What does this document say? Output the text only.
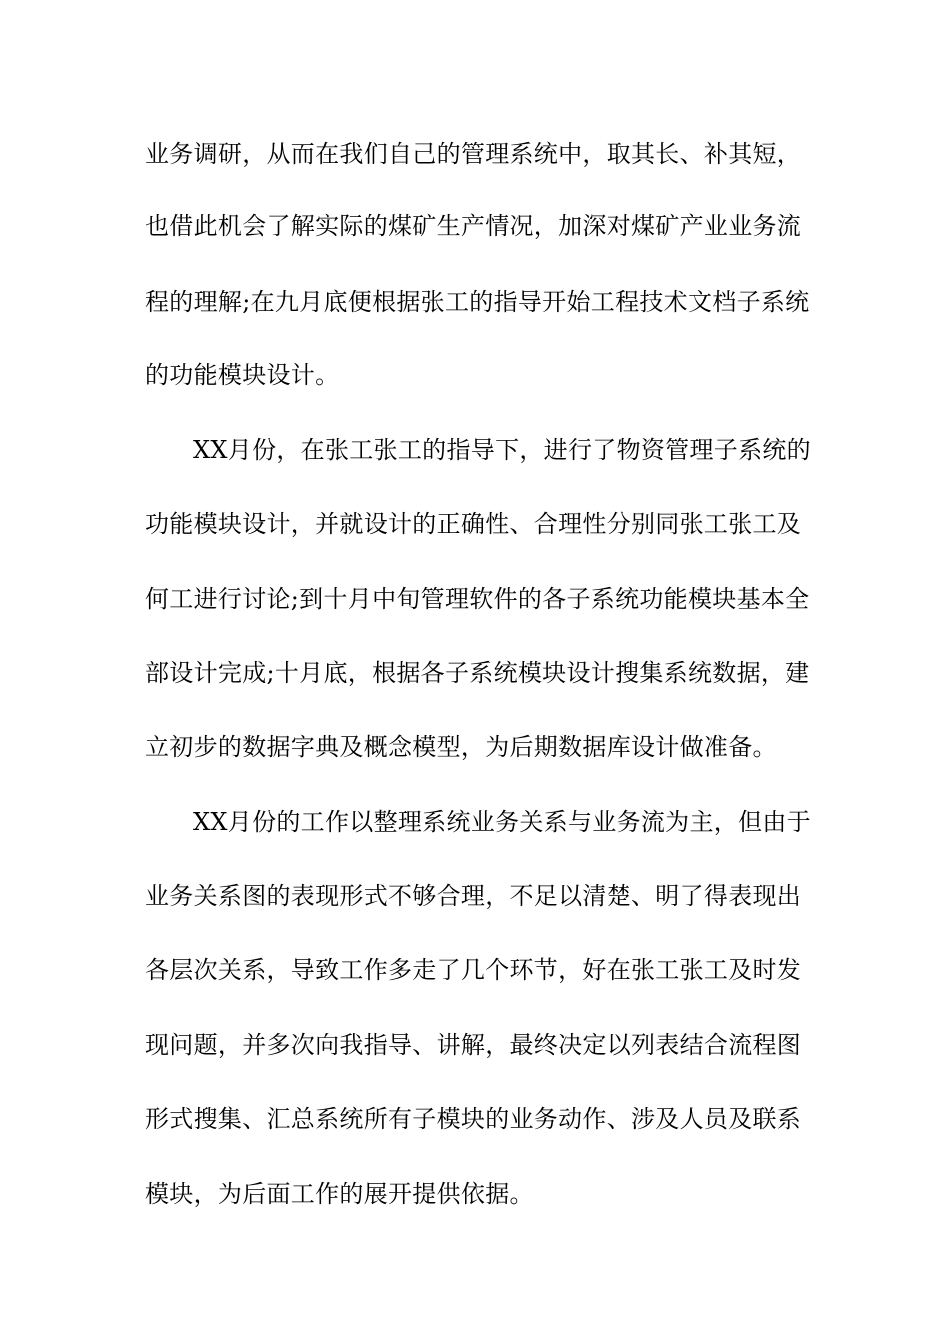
业务调研，从而在我们自己的管理系统中，取其长、补其短，
也借此机会了解实际的煤矿生产情况，加深对煤矿产业业务流
程的理解;在九月底便根据张工的指导开始工程技术文档子系统
的功能模块设计。
XX月份，在张工张工的指导下，进行了物资管理子系统的
功能模块设计，并就设计的正确性、合理性分别同张工张工及
何工进行讨论;到十月中旬管理软件的各子系统功能模块基本全
部设计完成;十月底，根据各子系统模块设计搜集系统数据，建
立初步的数据字典及概念模型，为后期数据库设计做准备。
XX月份的工作以整理系统业务关系与业务流为主，但由于
业务关系图的表现形式不够合理，不足以清楚、明了得表现出
各层次关系，导致工作多走了几个环节，好在张工张工及时发
现问题，并多次向我指导、讲解，最终决定以列表结合流程图
形式搜集、汇总系统所有子模块的业务动作、涉及人员及联系
模块，为后面工作的展开提供依据。
